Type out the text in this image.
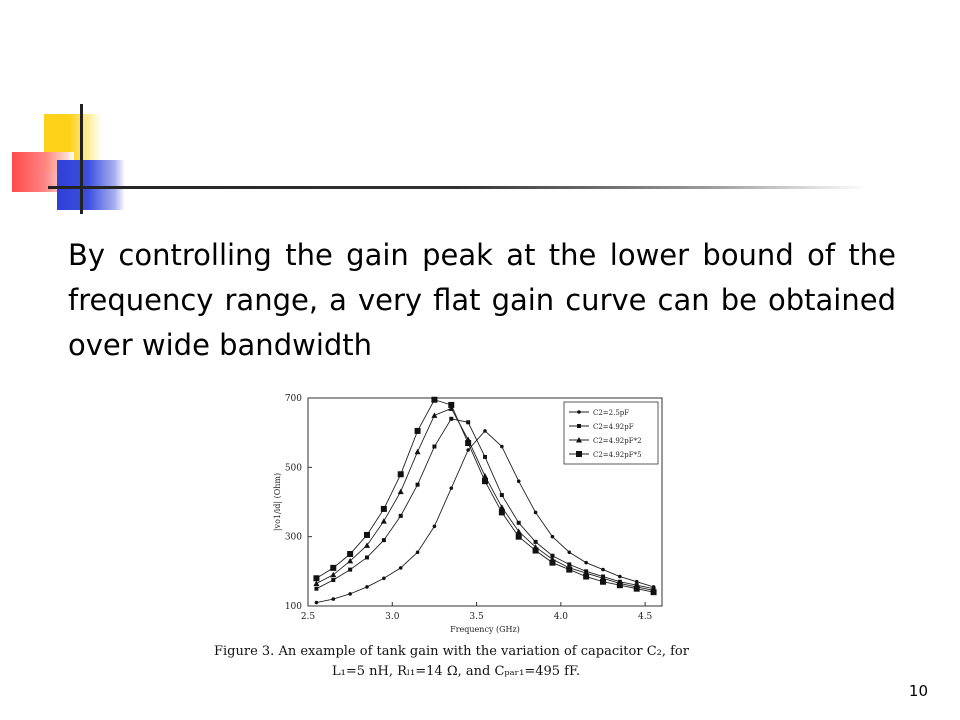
By controlling the gain peak at the lower bound of the frequency range, a very flat gain curve can be obtained over wide bandwidth

100
300
500
700
2.5	3.0	3.5	4.0	4.5
Frequency (GHz)
|vo1/id| (Ohm)
C2=2.5pF
C2=4.92pF
C2=4.92pF*2
C2=4.92pF*5
Figure 3. An example of tank gain with the variation of capacitor C₂, for
L₁=5 nH, Rₗ₁=14 Ω, and Cₚₐᵣ₁=495 fF.
10
